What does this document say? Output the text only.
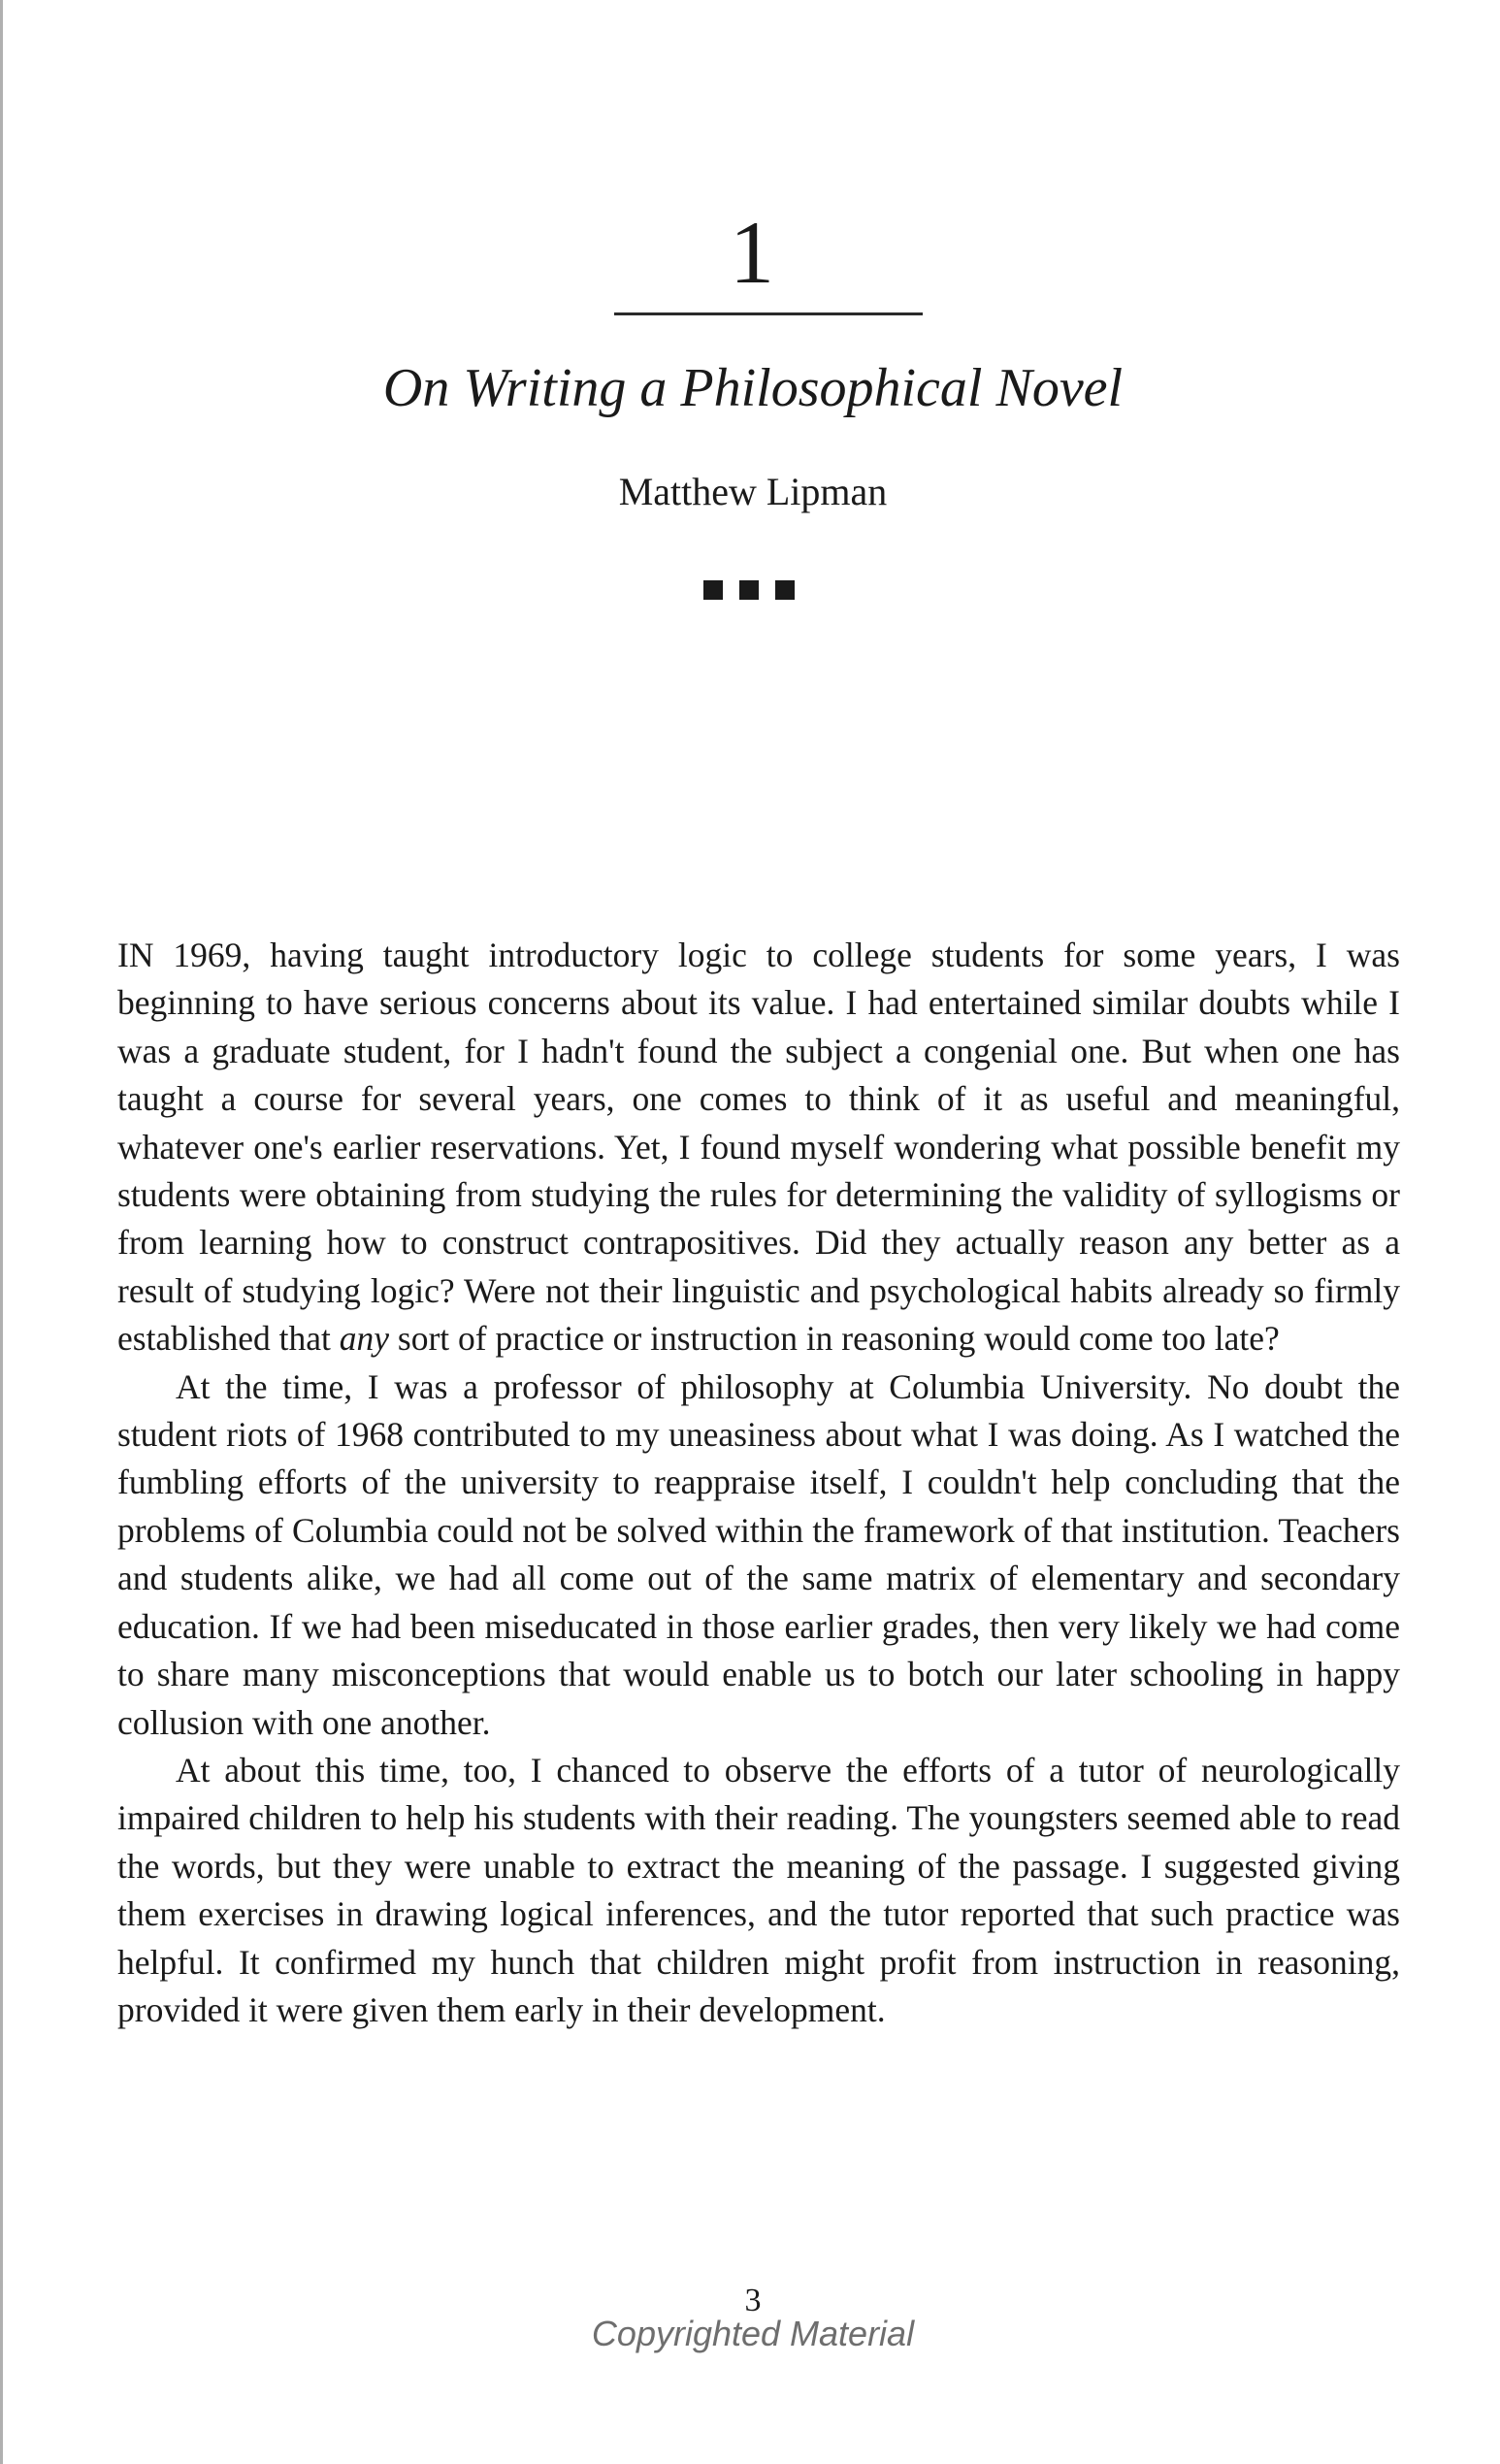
1
On Writing a Philosophical Novel
Matthew Lipman

IN 1969, having taught introductory logic to college students for some years, I was beginning to have serious concerns about its value. I had entertained similar doubts while I was a graduate student, for I hadn't found the subject a congenial one. But when one has taught a course for several years, one comes to think of it as useful and meaningful, whatever one's earlier reservations. Yet, I found myself wondering what possible benefit my students were obtaining from studying the rules for determining the validity of syllogisms or from learning how to construct contrapositives. Did they actually reason any better as a result of studying logic? Were not their linguistic and psychological habits already so firmly established that any sort of practice or instruction in reasoning would come too late?

At the time, I was a professor of philosophy at Columbia University. No doubt the student riots of 1968 contributed to my uneasiness about what I was doing. As I watched the fumbling efforts of the university to reappraise itself, I couldn't help concluding that the problems of Columbia could not be solved within the framework of that institution. Teachers and students alike, we had all come out of the same matrix of elementary and secondary education. If we had been miseducated in those earlier grades, then very likely we had come to share many misconceptions that would enable us to botch our later schooling in happy collusion with one another.

At about this time, too, I chanced to observe the efforts of a tutor of neurologically impaired children to help his students with their reading. The youngsters seemed able to read the words, but they were unable to extract the meaning of the passage. I suggested giving them exercises in drawing logical inferences, and the tutor reported that such practice was helpful. It confirmed my hunch that children might profit from instruction in reasoning, provided it were given them early in their development.

3
Copyrighted Material
